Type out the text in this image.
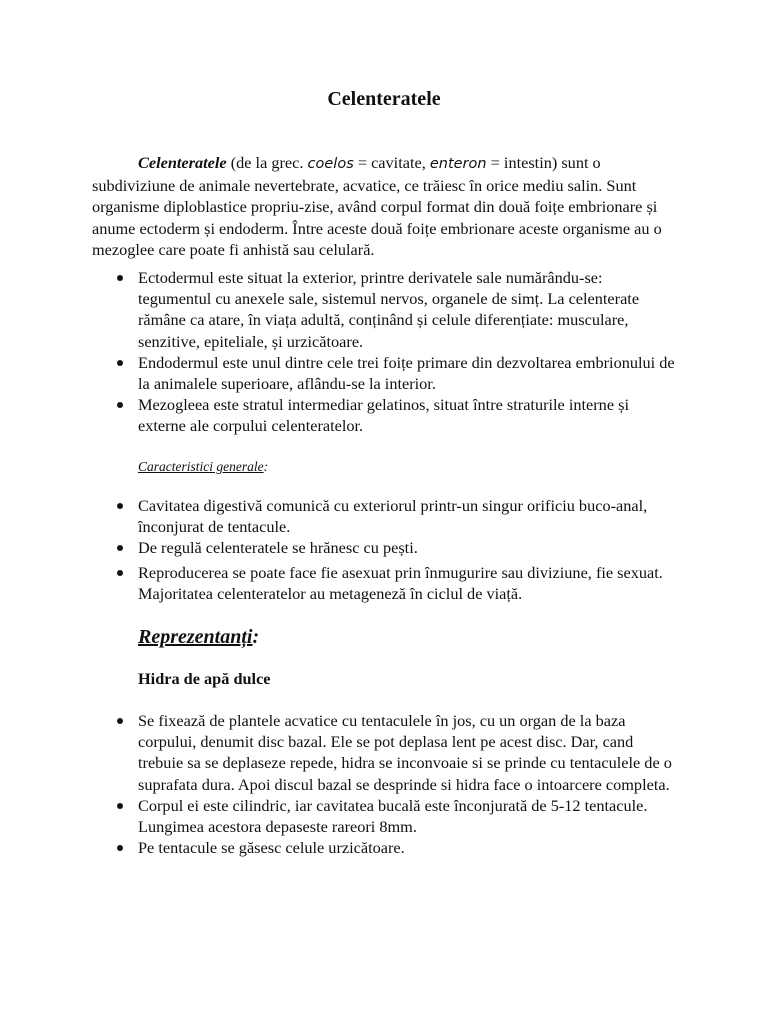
Celenteratele

Celenteratele (de la grec. coelos = cavitate, enteron = intestin) sunt o subdiviziune de animale nevertebrate, acvatice, ce trăiesc în orice mediu salin. Sunt organisme diploblastice propriu-zise, având corpul format din două foițe embrionare și anume ectoderm și endoderm. Între aceste două foițe embrionare aceste organisme au o mezoglee care poate fi anhistă sau celulară.

Ectodermul este situat la exterior, printre derivatele sale numărându-se: tegumentul cu anexele sale, sistemul nervos, organele de simț. La celenterate rămâne ca atare, în viața adultă, conținând și celule diferențiate: musculare, senzitive, epiteliale, și urzicătoare.
Endodermul este unul dintre cele trei foițe primare din dezvoltarea embrionului de la animalele superioare, aflându-se la interior.
Mezogleea este stratul intermediar gelatinos, situat între straturile interne și externe ale corpului celenteratelor.

Caracteristici generale:

Cavitatea digestivă comunică cu exteriorul printr-un singur orificiu buco-anal, înconjurat de tentacule.
De regulă celenteratele se hrănesc cu pești.
Reproducerea se poate face fie asexuat prin înmugurire sau diviziune, fie sexuat. Majoritatea celenteratelor au metageneză în ciclul de viață.

Reprezentanți:

Hidra de apă dulce

Se fixează de plantele acvatice cu tentaculele în jos, cu un organ de la baza corpului, denumit disc bazal. Ele se pot deplasa lent pe acest disc. Dar, cand trebuie sa se deplaseze repede, hidra se inconvoaie si se prinde cu tentaculele de o suprafata dura. Apoi discul bazal se desprinde si hidra face o intoarcere completa.
Corpul ei este cilindric, iar cavitatea bucală este înconjurată de 5-12 tentacule. Lungimea acestora depaseste rareori 8mm.
Pe tentacule se găsesc celule urzicătoare.
